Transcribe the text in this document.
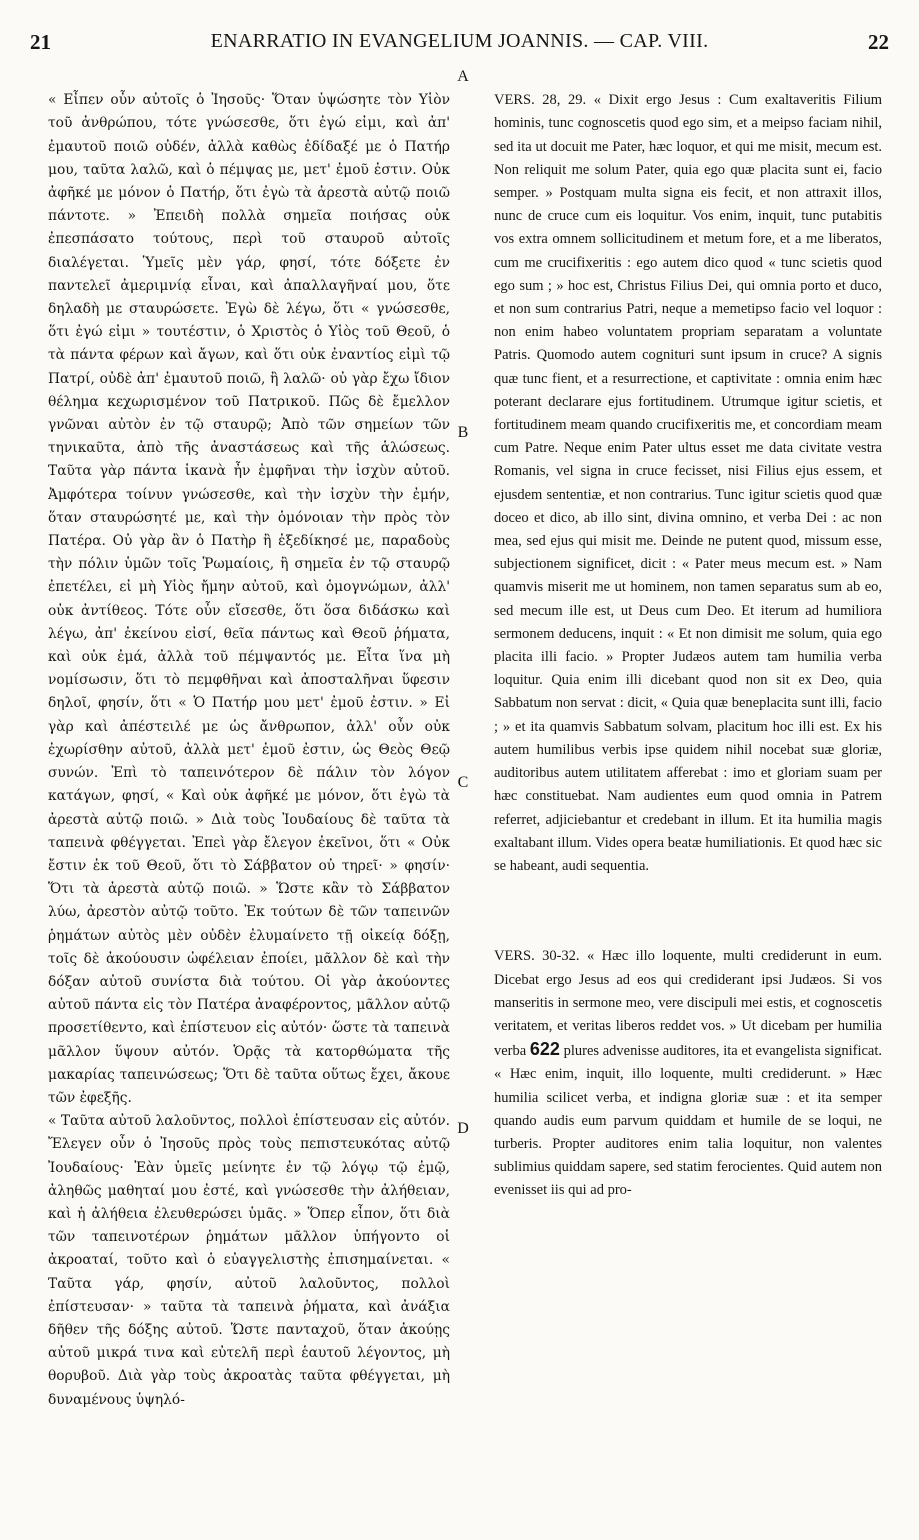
21	ENARRATIO IN EVANGELIUM JOANNIS. — CAP. VIII.	22

« Εἶπεν οὖν αὐτοῖς ὁ Ἰησοῦς· Ὅταν ὑψώσητε τὸν Υἱὸν τοῦ ἀνθρώπου, τότε γνώσεσθε, ὅτι ἐγώ εἰμι, καὶ ἀπ' ἐμαυτοῦ ποιῶ οὐδέν, ἀλλὰ καθὼς ἐδίδαξέ με ὁ Πατήρ μου, ταῦτα λαλῶ, καὶ ὁ πέμψας με, μετ' ἐμοῦ ἐστιν. Οὐκ ἀφῆκέ με μόνον ὁ Πατήρ, ὅτι ἐγὼ τὰ ἀρεστὰ αὐτῷ ποιῶ πάντοτε. » Ἐπειδὴ πολλὰ σημεῖα ποιήσας οὐκ ἐπεσπάσατο τούτους, περὶ τοῦ σταυροῦ αὐτοῖς διαλέγεται. Ὑμεῖς μὲν γάρ, φησί, τότε δόξετε ἐν παντελεῖ ἀμεριμνίᾳ εἶναι, καὶ ἀπαλλαγῆναί μου, ὅτε δηλαδὴ με σταυρώσετε. Ἐγὼ δὲ λέγω, ὅτι « γνώσεσθε, ὅτι ἐγώ εἰμι » τουτέστιν, ὁ Χριστὸς ὁ Υἱὸς τοῦ Θεοῦ, ὁ τὰ πάντα φέρων καὶ ἄγων, καὶ ὅτι οὐκ ἐναντίος εἰμὶ τῷ Πατρί, οὐδὲ ἀπ' ἐμαυτοῦ ποιῶ, ἢ λαλῶ· οὐ γὰρ ἔχω ἴδιον θέλημα κεχωρισμένον τοῦ Πατρικοῦ. Πῶς δὲ ἔμελλον γνῶναι αὐτὸν ἐν τῷ σταυρῷ; Ἀπὸ τῶν σημείων τῶν τηνικαῦτα, ἀπὸ τῆς ἀναστάσεως καὶ τῆς ἁλώσεως. Ταῦτα γὰρ πάντα ἱκανὰ ἦν ἐμφῆναι τὴν ἰσχὺν αὐτοῦ. Ἀμφότερα τοίνυν γνώσεσθε, καὶ τὴν ἰσχὺν τὴν ἐμήν, ὅταν σταυρώσητέ με, καὶ τὴν ὁμόνοιαν τὴν πρὸς τὸν Πατέρα. Οὐ γὰρ ἂν ὁ Πατὴρ ἢ ἐξεδίκησέ με, παραδοὺς τὴν πόλιν ὑμῶν τοῖς Ῥωμαίοις, ἢ σημεῖα ἐν τῷ σταυρῷ ἐπετέλει, εἰ μὴ Υἱὸς ἤμην αὐτοῦ, καὶ ὁμογνώμων, ἀλλ' οὐκ ἀντίθεος. Τότε οὖν εἴσεσθε, ὅτι ὅσα διδάσκω καὶ λέγω, ἀπ' ἐκείνου εἰσί, θεῖα πάντως καὶ Θεοῦ ῥήματα, καὶ οὐκ ἐμά, ἀλλὰ τοῦ πέμψαντός με. Εἶτα ἵνα μὴ νομίσωσιν, ὅτι τὸ πεμφθῆναι καὶ ἀποσταλῆναι ὕφεσιν δηλοῖ, φησίν, ὅτι « Ὁ Πατήρ μου μετ' ἐμοῦ ἐστιν. » Εἰ γὰρ καὶ ἀπέστειλέ με ὡς ἄνθρωπον, ἀλλ' οὖν οὐκ ἐχωρίσθην αὐτοῦ, ἀλλὰ μετ' ἐμοῦ ἐστιν, ὡς Θεὸς Θεῷ συνών. Ἐπὶ τὸ ταπεινότερον δὲ πάλιν τὸν λόγον κατάγων, φησί, « Καὶ οὐκ ἀφῆκέ με μόνον, ὅτι ἐγὼ τὰ ἀρεστὰ αὐτῷ ποιῶ. » Διὰ τοὺς Ἰουδαίους δὲ ταῦτα τὰ ταπεινὰ φθέγγεται. Ἐπεὶ γὰρ ἔλεγον ἐκεῖνοι, ὅτι « Οὐκ ἔστιν ἐκ τοῦ Θεοῦ, ὅτι τὸ Σάββατον οὐ τηρεῖ· » φησίν· Ὅτι τὰ ἀρεστὰ αὐτῷ ποιῶ. » Ὥστε κἂν τὸ Σάββατον λύω, ἀρεστὸν αὐτῷ τοῦτο. Ἐκ τούτων δὲ τῶν ταπεινῶν ῥημάτων αὐτὸς μὲν οὐδὲν ἐλυμαίνετο τῇ οἰκείᾳ δόξῃ, τοῖς δὲ ἀκούουσιν ὠφέλειαν ἐποίει, μᾶλλον δὲ καὶ τὴν δόξαν αὐτοῦ συνίστα διὰ τούτου. Οἱ γὰρ ἀκούοντες αὐτοῦ πάντα εἰς τὸν Πατέρα ἀναφέροντος, μᾶλλον αὐτῷ προσετίθεντο, καὶ ἐπίστευον εἰς αὐτόν· ὥστε τὰ ταπεινὰ μᾶλλον ὕψουν αὐτόν. Ὁρᾷς τὰ κατορθώματα τῆς μακαρίας ταπεινώσεως; Ὅτι δὲ ταῦτα οὕτως ἔχει, ἄκουε τῶν ἐφεξῆς.
« Ταῦτα αὐτοῦ λαλοῦντος, πολλοὶ ἐπίστευσαν εἰς αὐτόν. Ἔλεγεν οὖν ὁ Ἰησοῦς πρὸς τοὺς πεπιστευκότας αὐτῷ Ἰουδαίους· Ἐὰν ὑμεῖς μείνητε ἐν τῷ λόγῳ τῷ ἐμῷ, ἀληθῶς μαθηταί μου ἐστέ, καὶ γνώσεσθε τὴν ἀλήθειαν, καὶ ἡ ἀλήθεια ἐλευθερώσει ὑμᾶς. » Ὅπερ εἶπον, ὅτι διὰ τῶν ταπεινοτέρων ῥημάτων μᾶλλον ὑπήγοντο οἱ ἀκροαταί, τοῦτο καὶ ὁ εὐαγγελιστὴς ἐπισημαίνεται. « Ταῦτα γάρ, φησίν, αὐτοῦ λαλοῦντος, πολλοὶ ἐπίστευσαν· » ταῦτα τὰ ταπεινὰ ῥήματα, καὶ ἀνάξια δῆθεν τῆς δόξης αὐτοῦ. Ὥστε πανταχοῦ, ὅταν ἀκούῃς αὐτοῦ μικρά τινα καὶ εὐτελῆ περὶ ἑαυτοῦ λέγοντος, μὴ θορυβοῦ. Διὰ γὰρ τοὺς ἀκροατὰς ταῦτα φθέγγεται, μὴ δυναμένους ὑψηλό-

A
B
C
D

VERS. 28, 29. « Dixit ergo Jesus : Cum exaltaveritis Filium hominis, tunc cognoscetis quod ego sim, et a meipso faciam nihil, sed ita ut docuit me Pater, hæc loquor, et qui me misit, mecum est. Non reliquit me solum Pater, quia ego quæ placita sunt ei, facio semper. » Postquam multa signa eis fecit, et non attraxit illos, nunc de cruce cum eis loquitur. Vos enim, inquit, tunc putabitis vos extra omnem sollicitudinem et metum fore, et a me liberatos, cum me crucifixeritis : ego autem dico quod « tunc scietis quod ego sum ; » hoc est, Christus Filius Dei, qui omnia porto et duco, et non sum contrarius Patri, neque a memetipso facio vel loquor : non enim habeo voluntatem propriam separatam a voluntate Patris. Quomodo autem cognituri sunt ipsum in cruce? A signis quæ tunc fient, et a resurrectione, et captivitate : omnia enim hæc poterant declarare ejus fortitudinem. Utrumque igitur scietis, et fortitudinem meam quando crucifixeritis me, et concordiam meam cum Patre. Neque enim Pater ultus esset me data civitate vestra Romanis, vel signa in cruce fecisset, nisi Filius ejus essem, et ejusdem sententiæ, et non contrarius. Tunc igitur scietis quod quæ doceo et dico, ab illo sint, divina omnino, et verba Dei : ac non mea, sed ejus qui misit me. Deinde ne putent quod, missum esse, subjectionem significet, dicit : « Pater meus mecum est. » Nam quamvis miserit me ut hominem, non tamen separatus sum ab eo, sed mecum ille est, ut Deus cum Deo. Et iterum ad humiliora sermonem deducens, inquit : « Et non dimisit me solum, quia ego placita illi facio. » Propter Judæos autem tam humilia verba loquitur. Quia enim illi dicebant quod non sit ex Deo, quia Sabbatum non servat : dicit, « Quia quæ beneplacita sunt illi, facio ; » et ita quamvis Sabbatum solvam, placitum hoc illi est. Ex his autem humilibus verbis ipse quidem nihil nocebat suæ gloriæ, auditoribus autem utilitatem afferebat : imo et gloriam suam per hæc constituebat. Nam audientes eum quod omnia in Patrem referret, adjiciebantur et credebant in illum. Et ita humilia magis exaltabant illum. Vides opera beatæ humiliationis. Et quod hæc sic se habeant, audi sequentia.

VERS. 30-32. « Hæc illo loquente, multi crediderunt in eum. Dicebat ergo Jesus ad eos qui crediderant ipsi Judæos. Si vos manseritis in sermone meo, vere discipuli mei estis, et cognoscetis veritatem, et veritas liberos reddet vos. » Ut dicebam per humilia verba 622 plures advenisse auditores, ita et evangelista significat. « Hæc enim, inquit, illo loquente, multi crediderunt. » Hæc humilia scilicet verba, et indigna gloriæ suæ : et ita semper quando audis eum parvum quiddam et humile de se loqui, ne turberis. Propter auditores enim talia loquitur, non valentes sublimius quiddam sapere, sed statim ferocientes. Quid autem non evenisset iis qui ad pro-
